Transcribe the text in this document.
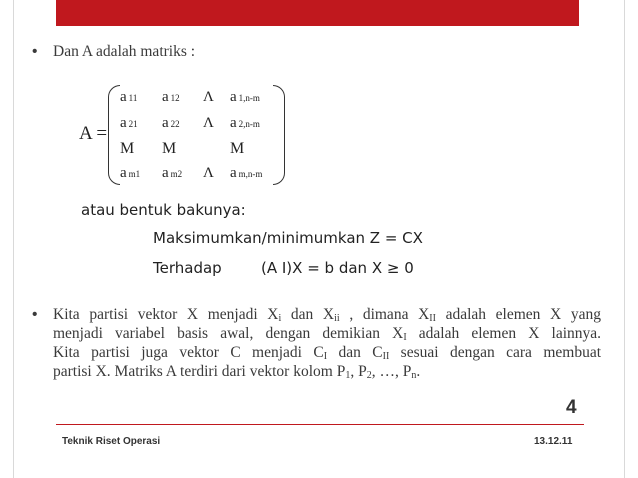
• Dan A adalah matriks :
A =
a 11 a 12 Λ a 1,n-m
a 21 a 22 Λ a 2,n-m
M M	M
am1 am2 Λ am,n-m
atau bentuk bakunya:
Maksimumkan/minimumkan Z = CX
Terhadap	(A I)X = b dan X ≥ 0
• Kita partisi vektor X menjadi $X_i$ dan $X_{ii}$ , dimana $X_{II}$ adalah elemen X yang
menjadi variabel basis awal, dengan demikian $X_I$ adalah elemen X lainnya.
Kita partisi juga vektor C menjadi $C_I$ dan $C_{II}$ sesuai dengan cara membuat
partisi X. Matriks A terdiri dari vektor kolom $P_1$, $P_2$, …, $P_n$.
4
Teknik Riset Operasi	13.12.11
